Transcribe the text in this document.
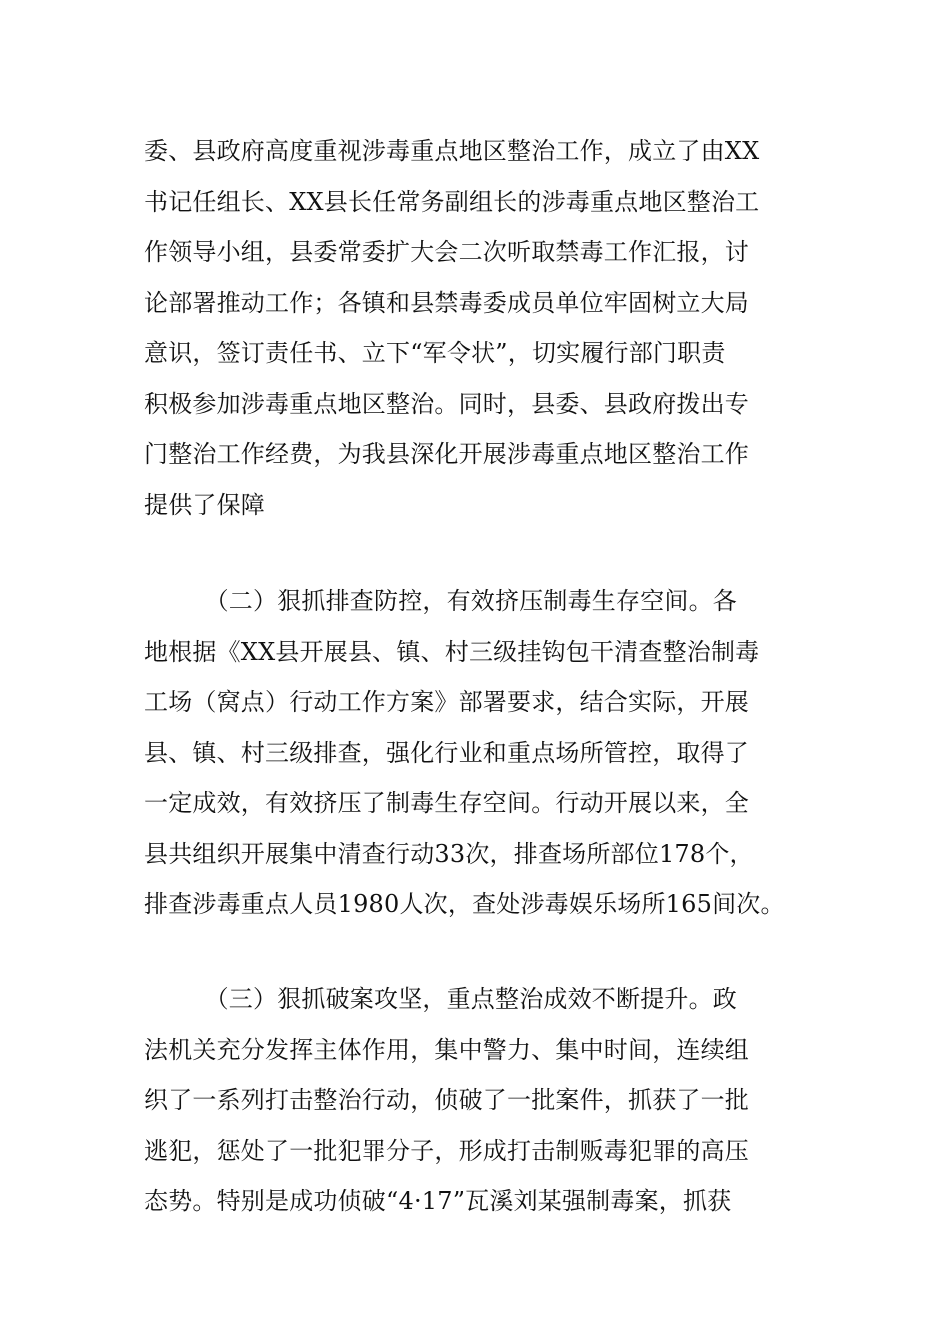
委、县政府高度重视涉毒重点地区整治工作，成立了由XX
书记任组长、XX县长任常务副组长的涉毒重点地区整治工
作领导小组，县委常委扩大会二次听取禁毒工作汇报，讨
论部署推动工作；各镇和县禁毒委成员单位牢固树立大局
意识，签订责任书、立下“军令状”，切实履行部门职责
积极参加涉毒重点地区整治。同时，县委、县政府拨出专
门整治工作经费，为我县深化开展涉毒重点地区整治工作
提供了保障

　　　（二）狠抓排查防控，有效挤压制毒生存空间。各
地根据《XX县开展县、镇、村三级挂钩包干清查整治制毒
工场（窝点）行动工作方案》部署要求，结合实际，开展
县、镇、村三级排查，强化行业和重点场所管控，取得了
一定成效，有效挤压了制毒生存空间。行动开展以来，全
县共组织开展集中清查行动33次，排查场所部位178个，
排查涉毒重点人员1980人次，查处涉毒娱乐场所165间次。

　　　（三）狠抓破案攻坚，重点整治成效不断提升。政
法机关充分发挥主体作用，集中警力、集中时间，连续组
织了一系列打击整治行动，侦破了一批案件，抓获了一批
逃犯，惩处了一批犯罪分子，形成打击制贩毒犯罪的高压
态势。特别是成功侦破“4·17”瓦溪刘某强制毒案，抓获
